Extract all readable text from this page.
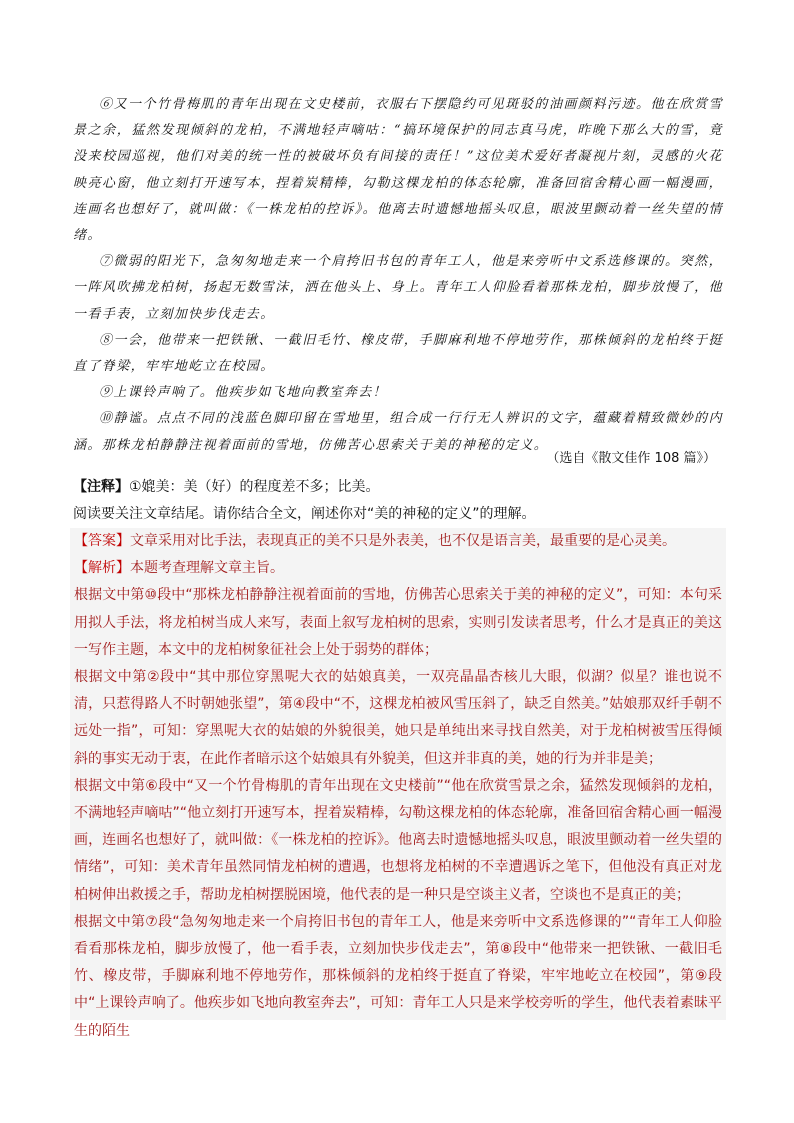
⑥又一个竹骨梅肌的青年出现在文史楼前，衣服右下摆隐约可见斑驳的油画颜料污迹。他在欣赏雪景之余，猛然发现倾斜的龙柏，不满地轻声嘀咕：“搞环境保护的同志真马虎，昨晚下那么大的雪，竟没来校园巡视，他们对美的统一性的被破坏负有间接的责任！”这位美术爱好者凝视片刻，灵感的火花映亮心窗，他立刻打开速写本，捏着炭精棒，勾勒这棵龙柏的体态轮廓，准备回宿舍精心画一幅漫画，连画名也想好了，就叫做：《一株龙柏的控诉》。他离去时遗憾地摇头叹息，眼波里颤动着一丝失望的情绪。

⑦微弱的阳光下，急匆匆地走来一个肩挎旧书包的青年工人，他是来旁听中文系选修课的。突然，一阵风吹拂龙柏树，扬起无数雪沫，洒在他头上、身上。青年工人仰脸看着那株龙柏，脚步放慢了，他一看手表，立刻加快步伐走去。

⑧一会，他带来一把铁锹、一截旧毛竹、橡皮带，手脚麻利地不停地劳作，那株倾斜的龙柏终于挺直了脊梁，牢牢地屹立在校园。

⑨上课铃声响了。他疾步如飞地向教室奔去！

⑩静谧。点点不同的浅蓝色脚印留在雪地里，组合成一行行无人辨识的文字，蕴藏着精致微妙的内涵。那株龙柏静静注视着面前的雪地，仿佛苦心思索关于美的神秘的定义。

（选自《散文佳作 108 篇》）

【注释】①媲美：美（好）的程度差不多；比美。

阅读要关注文章结尾。请你结合全文，阐述你对“美的神秘的定义”的理解。

【答案】文章采用对比手法，表现真正的美不只是外表美，也不仅是语言美，最重要的是心灵美。

【解析】本题考查理解文章主旨。

根据文中第⑩段中“那株龙柏静静注视着面前的雪地，仿佛苦心思索关于美的神秘的定义”，可知：本句采用拟人手法，将龙柏树当成人来写，表面上叙写龙柏树的思索，实则引发读者思考，什么才是真正的美这一写作主题，本文中的龙柏树象征社会上处于弱势的群体；

根据文中第②段中“其中那位穿黑呢大衣的姑娘真美，一双亮晶晶杏核儿大眼，似湖？似星？谁也说不清，只惹得路人不时朝她张望”，第④段中“不，这棵龙柏被风雪压斜了，缺乏自然美。”姑娘那双纤手朝不远处一指”，可知：穿黑呢大衣的姑娘的外貌很美，她只是单纯出来寻找自然美，对于龙柏树被雪压得倾斜的事实无动于衷，在此作者暗示这个姑娘具有外貌美，但这并非真的美，她的行为并非是美；

根据文中第⑥段中“又一个竹骨梅肌的青年出现在文史楼前”“他在欣赏雪景之余，猛然发现倾斜的龙柏，不满地轻声嘀咕”“他立刻打开速写本，捏着炭精棒，勾勒这棵龙柏的体态轮廓，准备回宿舍精心画一幅漫画，连画名也想好了，就叫做：《一株龙柏的控诉》。他离去时遗憾地摇头叹息，眼波里颤动着一丝失望的情绪”，可知：美术青年虽然同情龙柏树的遭遇，也想将龙柏树的不幸遭遇诉之笔下，但他没有真正对龙柏树伸出救援之手，帮助龙柏树摆脱困境，他代表的是一种只是空谈主义者，空谈也不是真正的美；

根据文中第⑦段“急匆匆地走来一个肩挎旧书包的青年工人，他是来旁听中文系选修课的”“青年工人仰脸看看那株龙柏，脚步放慢了，他一看手表，立刻加快步伐走去”，第⑧段中“他带来一把铁锹、一截旧毛竹、橡皮带，手脚麻利地不停地劳作，那株倾斜的龙柏终于挺直了脊梁，牢牢地屹立在校园”，第⑨段中“上课铃声响了。他疾步如飞地向教室奔去”，可知：青年工人只是来学校旁听的学生，他代表着素昧平生的陌生
